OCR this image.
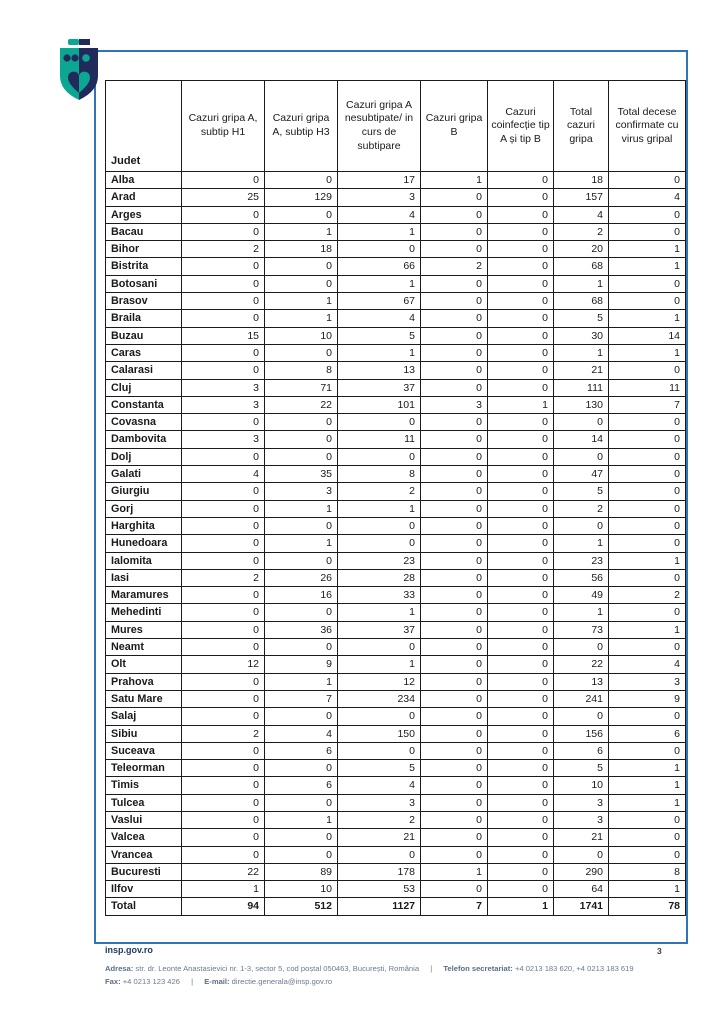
Judet	Cazuri gripa A, subtip H1	Cazuri gripa A, subtip H3	Cazuri gripa A nesubtipate/ in curs de subtipare	Cazuri gripa B	Cazuri coinfecție tip A și tip B	Total cazuri gripa	Total decese confirmate cu virus gripal
Alba	0	0	17	1	0	18	0
Arad	25	129	3	0	0	157	4
Arges	0	0	4	0	0	4	0
Bacau	0	1	1	0	0	2	0
Bihor	2	18	0	0	0	20	1
Bistrita	0	0	66	2	0	68	1
Botosani	0	0	1	0	0	1	0
Brasov	0	1	67	0	0	68	0
Braila	0	1	4	0	0	5	1
Buzau	15	10	5	0	0	30	14
Caras	0	0	1	0	0	1	1
Calarasi	0	8	13	0	0	21	0
Cluj	3	71	37	0	0	111	11
Constanta	3	22	101	3	1	130	7
Covasna	0	0	0	0	0	0	0
Dambovita	3	0	11	0	0	14	0
Dolj	0	0	0	0	0	0	0
Galati	4	35	8	0	0	47	0
Giurgiu	0	3	2	0	0	5	0
Gorj	0	1	1	0	0	2	0
Harghita	0	0	0	0	0	0	0
Hunedoara	0	1	0	0	0	1	0
Ialomita	0	0	23	0	0	23	1
Iasi	2	26	28	0	0	56	0
Maramures	0	16	33	0	0	49	2
Mehedinti	0	0	1	0	0	1	0
Mures	0	36	37	0	0	73	1
Neamt	0	0	0	0	0	0	0
Olt	12	9	1	0	0	22	4
Prahova	0	1	12	0	0	13	3
Satu Mare	0	7	234	0	0	241	9
Salaj	0	0	0	0	0	0	0
Sibiu	2	4	150	0	0	156	6
Suceava	0	6	0	0	0	6	0
Teleorman	0	0	5	0	0	5	1
Timis	0	6	4	0	0	10	1
Tulcea	0	0	3	0	0	3	1
Vaslui	0	1	2	0	0	3	0
Valcea	0	0	21	0	0	21	0
Vrancea	0	0	0	0	0	0	0
Bucuresti	22	89	178	1	0	290	8
Ilfov	1	10	53	0	0	64	1
Total	94	512	1127	7	1	1741	78
insp.gov.ro	3
Adresa: str. dr. Leonte Anastasievici nr. 1-3, sector 5, cod poștal 050463, București, România | Telefon secretariat: +4 0213 183 620, +4 0213 183 619
Fax: +4 0213 123 426 | E-mail: directie.generala@insp.gov.ro
